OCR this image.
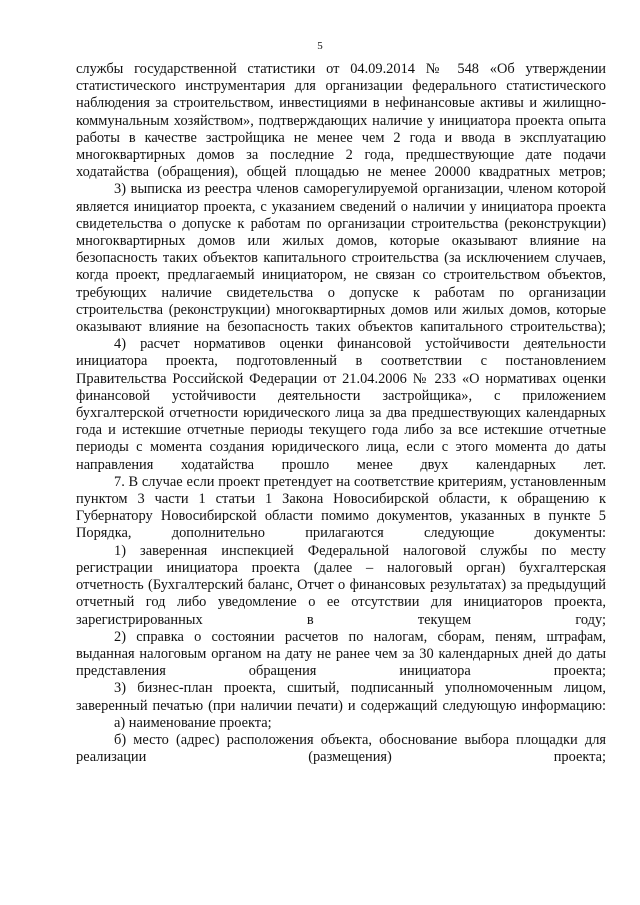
5

службы государственной статистики от 04.09.2014 № 548 «Об утверждении статистического инструментария для организации федерального статистического наблюдения за строительством, инвестициями в нефинансовые активы и жилищно-коммунальным хозяйством», подтверждающих наличие у инициатора проекта опыта работы в качестве застройщика не менее чем 2 года и ввода в эксплуатацию многоквартирных домов за последние 2 года, предшествующие дате подачи ходатайства (обращения), общей площадью не менее 20000 квадратных метров;

3) выписка из реестра членов саморегулируемой организации, членом которой является инициатор проекта, с указанием сведений о наличии у инициатора проекта свидетельства о допуске к работам по организации строительства (реконструкции) многоквартирных домов или жилых домов, которые оказывают влияние на безопасность таких объектов капитального строительства (за исключением случаев, когда проект, предлагаемый инициатором, не связан со строительством объектов, требующих наличие свидетельства о допуске к работам по организации строительства (реконструкции) многоквартирных домов или жилых домов, которые оказывают влияние на безопасность таких объектов капитального строительства);

4) расчет нормативов оценки финансовой устойчивости деятельности инициатора проекта, подготовленный в соответствии с постановлением Правительства Российской Федерации от 21.04.2006 № 233 «О нормативах оценки финансовой устойчивости деятельности застройщика», с приложением бухгалтерской отчетности юридического лица за два предшествующих календарных года и истекшие отчетные периоды текущего года либо за все истекшие отчетные периоды с момента создания юридического лица, если с этого момента до даты направления ходатайства прошло менее двух календарных лет.

7. В случае если проект претендует на соответствие критериям, установленным пунктом 3 части 1 статьи 1 Закона Новосибирской области, к обращению к Губернатору Новосибирской области помимо документов, указанных в пункте 5 Порядка, дополнительно прилагаются следующие документы:

1) заверенная инспекцией Федеральной налоговой службы по месту регистрации инициатора проекта (далее – налоговый орган) бухгалтерская отчетность (Бухгалтерский баланс, Отчет о финансовых результатах) за предыдущий отчетный год либо уведомление о ее отсутствии для инициаторов проекта, зарегистрированных в текущем году;

2) справка о состоянии расчетов по налогам, сборам, пеням, штрафам, выданная налоговым органом на дату не ранее чем за 30 календарных дней до даты представления обращения инициатора проекта;

3) бизнес-план проекта, сшитый, подписанный уполномоченным лицом, заверенный печатью (при наличии печати) и содержащий следующую информацию:

а) наименование проекта;

б) место (адрес) расположения объекта, обоснование выбора площадки для реализации (размещения) проекта;
